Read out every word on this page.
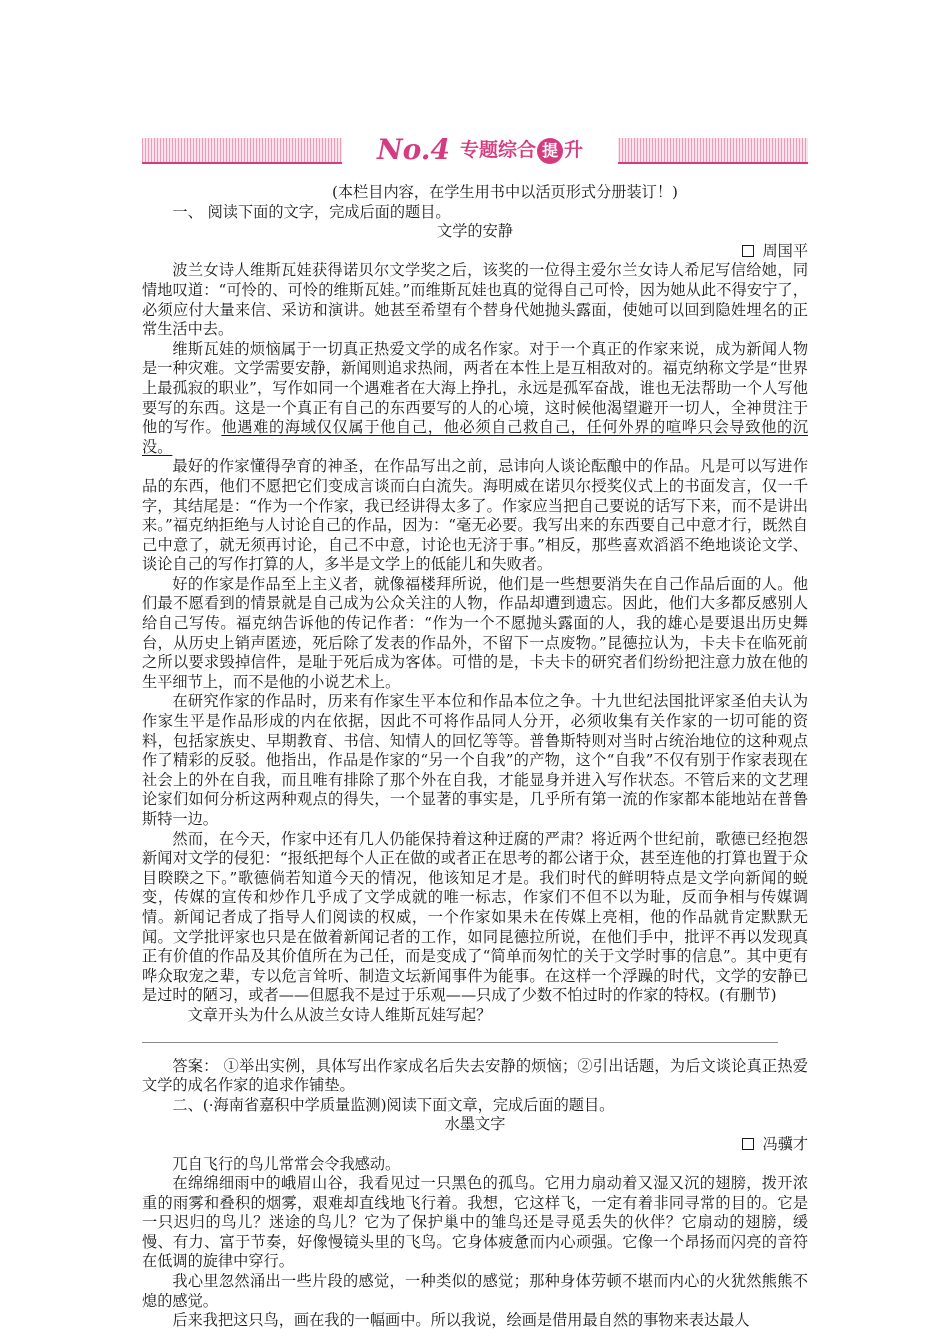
No.4 专题综合 提 升

(本栏目内容，在学生用书中以活页形式分册装订！)

一、 阅读下面的文字，完成后面的题目。

文学的安静

周国平

波兰女诗人维斯瓦娃获得诺贝尔文学奖之后，该奖的一位得主爱尔兰女诗人希尼写信给她，同情地叹道：“可怜的、可怜的维斯瓦娃。”而维斯瓦娃也真的觉得自己可怜，因为她从此不得安宁了，必须应付大量来信、采访和演讲。她甚至希望有个替身代她抛头露面，使她可以回到隐姓埋名的正常生活中去。

维斯瓦娃的烦恼属于一切真正热爱文学的成名作家。对于一个真正的作家来说，成为新闻人物是一种灾难。文学需要安静，新闻则追求热闹，两者在本性上是互相敌对的。福克纳称文学是“世界上最孤寂的职业”，写作如同一个遇难者在大海上挣扎，永远是孤军奋战，谁也无法帮助一个人写他要写的东西。这是一个真正有自己的东西要写的人的心境，这时候他渴望避开一切人，全神贯注于他的写作。他遇难的海域仅仅属于他自己，他必须自己救自己，任何外界的喧哗只会导致他的沉没。

最好的作家懂得孕育的神圣，在作品写出之前，忌讳向人谈论酝酿中的作品。凡是可以写进作品的东西，他们不愿把它们变成言谈而白白流失。海明威在诺贝尔授奖仪式上的书面发言，仅一千字，其结尾是：“作为一个作家，我已经讲得太多了。作家应当把自己要说的话写下来，而不是讲出来。”福克纳拒绝与人讨论自己的作品，因为：“毫无必要。我写出来的东西要自己中意才行，既然自己中意了，就无须再讨论，自己不中意，讨论也无济于事。”相反，那些喜欢滔滔不绝地谈论文学、谈论自己的写作打算的人，多半是文学上的低能儿和失败者。

好的作家是作品至上主义者，就像福楼拜所说，他们是一些想要消失在自己作品后面的人。他们最不愿看到的情景就是自己成为公众关注的人物，作品却遭到遗忘。因此，他们大多都反感别人给自己写传。福克纳告诉他的传记作者：“作为一个不愿抛头露面的人，我的雄心是要退出历史舞台，从历史上销声匿迹，死后除了发表的作品外，不留下一点废物。”昆德拉认为，卡夫卡在临死前之所以要求毁掉信件，是耻于死后成为客体。可惜的是，卡夫卡的研究者们纷纷把注意力放在他的生平细节上，而不是他的小说艺术上。

在研究作家的作品时，历来有作家生平本位和作品本位之争。十九世纪法国批评家圣伯夫认为作家生平是作品形成的内在依据，因此不可将作品同人分开，必须收集有关作家的一切可能的资料，包括家族史、早期教育、书信、知情人的回忆等等。普鲁斯特则对当时占统治地位的这种观点作了精彩的反驳。他指出，作品是作家的“另一个自我”的产物，这个“自我”不仅有别于作家表现在社会上的外在自我，而且唯有排除了那个外在自我，才能显身并进入写作状态。不管后来的文艺理论家们如何分析这两种观点的得失，一个显著的事实是，几乎所有第一流的作家都本能地站在普鲁斯特一边。

然而，在今天，作家中还有几人仍能保持着这种迂腐的严肃？将近两个世纪前，歌德已经抱怨新闻对文学的侵犯：“报纸把每个人正在做的或者正在思考的都公诸于众，甚至连他的打算也置于众目睽睽之下。”歌德倘若知道今天的情况，他该知足才是。我们时代的鲜明特点是文学向新闻的蜕变，传媒的宣传和炒作几乎成了文学成就的唯一标志，作家们不但不以为耻，反而争相与传媒调情。新闻记者成了指导人们阅读的权威，一个作家如果未在传媒上亮相，他的作品就肯定默默无闻。文学批评家也只是在做着新闻记者的工作，如同昆德拉所说，在他们手中，批评不再以发现真正有价值的作品及其价值所在为己任，而是变成了“简单而匆忙的关于文学时事的信息”。其中更有哗众取宠之辈，专以危言耸听、制造文坛新闻事件为能事。在这样一个浮躁的时代，文学的安静已是过时的陋习，或者——但愿我不是过于乐观——只成了少数不怕过时的作家的特权。(有删节)

文章开头为什么从波兰女诗人维斯瓦娃写起？

答案： ①举出实例，具体写出作家成名后失去安静的烦恼；②引出话题，为后文谈论真正热爱文学的成名作家的追求作铺垫。

二、(·海南省嘉积中学质量监测)阅读下面文章，完成后面的题目。

水墨文字

冯骥才

兀自飞行的鸟儿常常会令我感动。

在绵绵细雨中的峨眉山谷，我看见过一只黑色的孤鸟。它用力扇动着又湿又沉的翅膀，拨开浓重的雨雾和叠积的烟雾，艰难却直线地飞行着。我想，它这样飞，一定有着非同寻常的目的。它是一只迟归的鸟儿？迷途的鸟儿？它为了保护巢中的雏鸟还是寻觅丢失的伙伴？它扇动的翅膀，缓慢、有力、富于节奏，好像慢镜头里的飞鸟。它身体疲惫而内心顽强。它像一个昂扬而闪亮的音符在低调的旋律中穿行。

我心里忽然涌出一些片段的感觉，一种类似的感觉；那种身体劳顿不堪而内心的火犹然熊熊不熄的感觉。

后来我把这只鸟，画在我的一幅画中。所以我说，绘画是借用最自然的事物来表达最人
